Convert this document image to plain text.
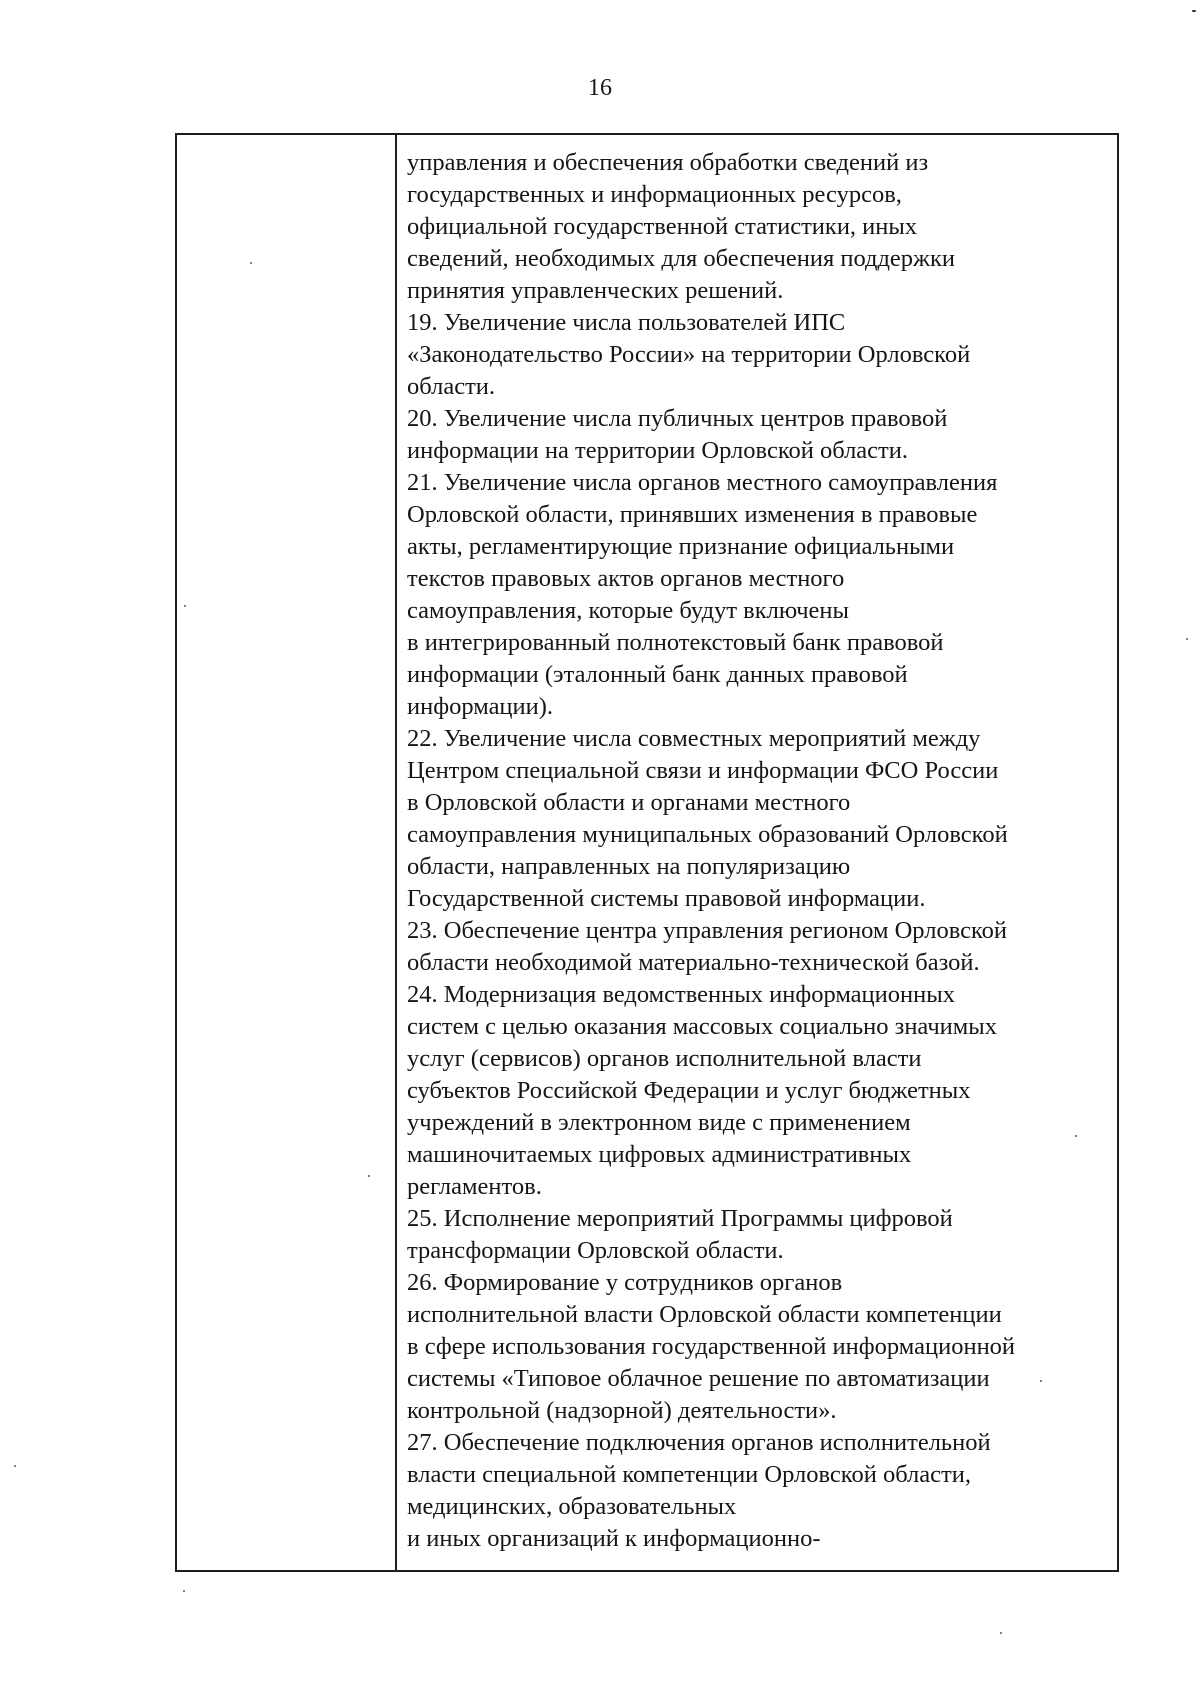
16
управления и обеспечения обработки сведений из
государственных и информационных ресурсов,
официальной государственной статистики, иных
сведений, необходимых для обеспечения поддержки
принятия управленческих решений.
19. Увеличение числа пользователей ИПС
«Законодательство России» на территории Орловской
области.
20. Увеличение числа публичных центров правовой
информации на территории Орловской области.
21. Увеличение числа органов местного самоуправления
Орловской области, принявших изменения в правовые
акты, регламентирующие признание официальными
текстов правовых актов органов местного
самоуправления, которые будут включены
в интегрированный полнотекстовый банк правовой
информации (эталонный банк данных правовой
информации).
22. Увеличение числа совместных мероприятий между
Центром специальной связи и информации ФСО России
в Орловской области и органами местного
самоуправления муниципальных образований Орловской
области, направленных на популяризацию
Государственной системы правовой информации.
23. Обеспечение центра управления регионом Орловской
области необходимой материально-технической базой.
24. Модернизация ведомственных информационных
систем с целью оказания массовых социально значимых
услуг (сервисов) органов исполнительной власти
субъектов Российской Федерации и услуг бюджетных
учреждений в электронном виде с применением
машиночитаемых цифровых административных
регламентов.
25. Исполнение мероприятий Программы цифровой
трансформации Орловской области.
26. Формирование у сотрудников органов
исполнительной власти Орловской области компетенции
в сфере использования государственной информационной
системы «Типовое облачное решение по автоматизации
контрольной (надзорной) деятельности».
27. Обеспечение подключения органов исполнительной
власти специальной компетенции Орловской области,
медицинских, образовательных
и иных организаций к информационно-
